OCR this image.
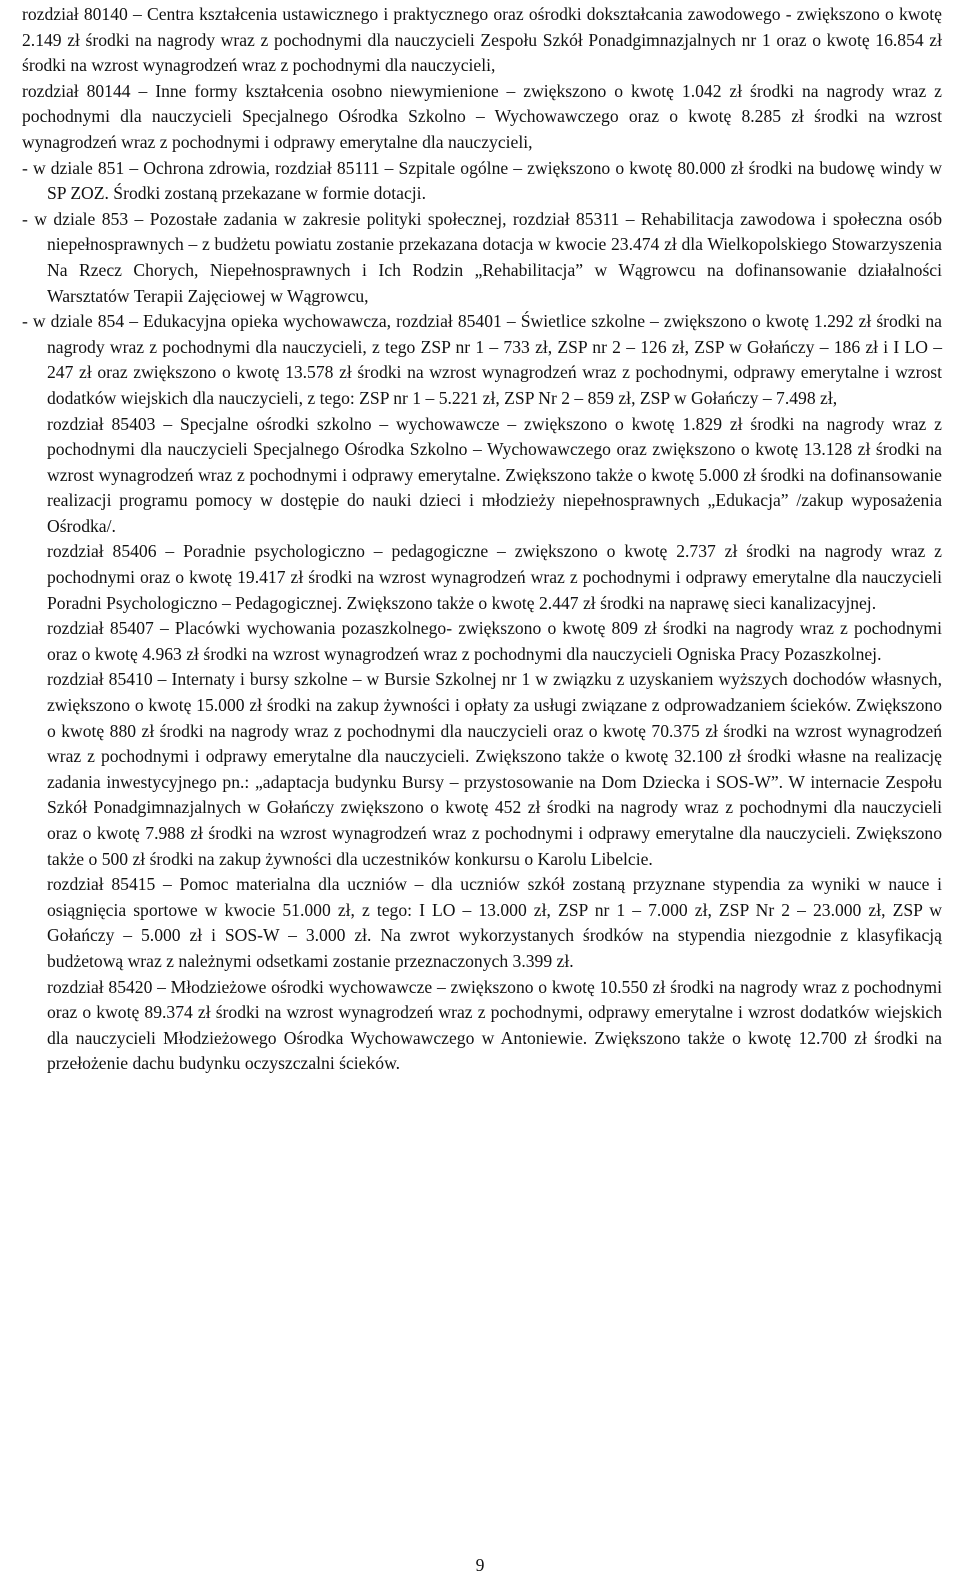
rozdział 80140 – Centra kształcenia ustawicznego i praktycznego oraz ośrodki dokształcania zawodowego - zwiększono o kwotę 2.149 zł środki na nagrody wraz z pochodnymi dla nauczycieli Zespołu Szkół Ponadgimnazjalnych nr 1 oraz o kwotę 16.854 zł środki na wzrost wynagrodzeń wraz z pochodnymi dla nauczycieli,

rozdział 80144 – Inne formy kształcenia osobno niewymienione – zwiększono o kwotę 1.042 zł środki na nagrody wraz z pochodnymi dla nauczycieli Specjalnego Ośrodka Szkolno – Wychowawczego oraz o kwotę 8.285 zł środki na wzrost wynagrodzeń wraz z pochodnymi i odprawy emerytalne dla nauczycieli,

- w dziale 851 – Ochrona zdrowia, rozdział 85111 – Szpitale ogólne – zwiększono o kwotę 80.000 zł środki na budowę windy w SP ZOZ. Środki zostaną przekazane w formie dotacji.

- w dziale 853 – Pozostałe zadania w zakresie polityki społecznej, rozdział 85311 – Rehabilitacja zawodowa i społeczna osób niepełnosprawnych – z budżetu powiatu zostanie przekazana dotacja w kwocie 23.474 zł dla Wielkopolskiego Stowarzyszenia Na Rzecz Chorych, Niepełnosprawnych i Ich Rodzin „Rehabilitacja” w Wągrowcu na dofinansowanie działalności Warsztatów Terapii Zajęciowej w Wągrowcu,

- w dziale 854 – Edukacyjna opieka wychowawcza, rozdział 85401 – Świetlice szkolne – zwiększono o kwotę 1.292 zł środki na nagrody wraz z pochodnymi dla nauczycieli, z tego ZSP nr 1 – 733 zł, ZSP nr 2 – 126 zł, ZSP w Gołańczy – 186 zł i I LO – 247 zł oraz zwiększono o kwotę 13.578 zł środki na wzrost wynagrodzeń wraz z pochodnymi, odprawy emerytalne i wzrost dodatków wiejskich dla nauczycieli, z tego: ZSP nr 1 – 5.221 zł, ZSP Nr 2 – 859 zł, ZSP w Gołańczy – 7.498 zł,

rozdział 85403 – Specjalne ośrodki szkolno – wychowawcze – zwiększono o kwotę 1.829 zł środki na nagrody wraz z pochodnymi dla nauczycieli Specjalnego Ośrodka Szkolno – Wychowawczego oraz zwiększono o kwotę 13.128 zł środki na wzrost wynagrodzeń wraz z pochodnymi i odprawy emerytalne. Zwiększono także o kwotę 5.000 zł środki na dofinansowanie realizacji programu pomocy w dostępie do nauki dzieci i młodzieży niepełnosprawnych „Edukacja” /zakup wyposażenia Ośrodka/.

rozdział 85406 – Poradnie psychologiczno – pedagogiczne – zwiększono o kwotę 2.737 zł środki na nagrody wraz z pochodnymi oraz o kwotę 19.417 zł środki na wzrost wynagrodzeń wraz z pochodnymi i odprawy emerytalne dla nauczycieli Poradni Psychologiczno – Pedagogicznej. Zwiększono także o kwotę 2.447 zł środki na naprawę sieci kanalizacyjnej.

rozdział 85407 – Placówki wychowania pozaszkolnego- zwiększono o kwotę 809 zł środki na nagrody wraz z pochodnymi oraz o kwotę 4.963 zł środki na wzrost wynagrodzeń wraz z pochodnymi dla nauczycieli Ogniska Pracy Pozaszkolnej.

rozdział 85410 – Internaty i bursy szkolne – w Bursie Szkolnej nr 1 w związku z uzyskaniem wyższych dochodów własnych, zwiększono o kwotę 15.000 zł środki na zakup żywności i opłaty za usługi związane z odprowadzaniem ścieków. Zwiększono o kwotę 880 zł środki na nagrody wraz z pochodnymi dla nauczycieli oraz o kwotę 70.375 zł środki na wzrost wynagrodzeń wraz z pochodnymi i odprawy emerytalne dla nauczycieli. Zwiększono także o kwotę 32.100 zł środki własne na realizację zadania inwestycyjnego pn.: „adaptacja budynku Bursy – przystosowanie na Dom Dziecka i SOS-W”. W internacie Zespołu Szkół Ponadgimnazjalnych w Gołańczy zwiększono o kwotę 452 zł środki na nagrody wraz z pochodnymi dla nauczycieli oraz o kwotę 7.988 zł środki na wzrost wynagrodzeń wraz z pochodnymi i odprawy emerytalne dla nauczycieli. Zwiększono także o 500 zł środki na zakup żywności dla uczestników konkursu o Karolu Libelcie.

rozdział 85415 – Pomoc materialna dla uczniów – dla uczniów szkół zostaną przyznane stypendia za wyniki w nauce i osiągnięcia sportowe w kwocie 51.000 zł, z tego: I LO – 13.000 zł, ZSP nr 1 – 7.000 zł, ZSP Nr 2 – 23.000 zł, ZSP w Gołańczy – 5.000 zł i SOS-W – 3.000 zł. Na zwrot wykorzystanych środków na stypendia niezgodnie z klasyfikacją budżetową wraz z należnymi odsetkami zostanie przeznaczonych 3.399 zł.

rozdział 85420 – Młodzieżowe ośrodki wychowawcze – zwiększono o kwotę 10.550 zł środki na nagrody wraz z pochodnymi oraz o kwotę 89.374 zł środki na wzrost wynagrodzeń wraz z pochodnymi, odprawy emerytalne i wzrost dodatków wiejskich dla nauczycieli Młodzieżowego Ośrodka Wychowawczego w Antoniewie. Zwiększono także o kwotę 12.700 zł środki na przełożenie dachu budynku oczyszczalni ścieków.

9
